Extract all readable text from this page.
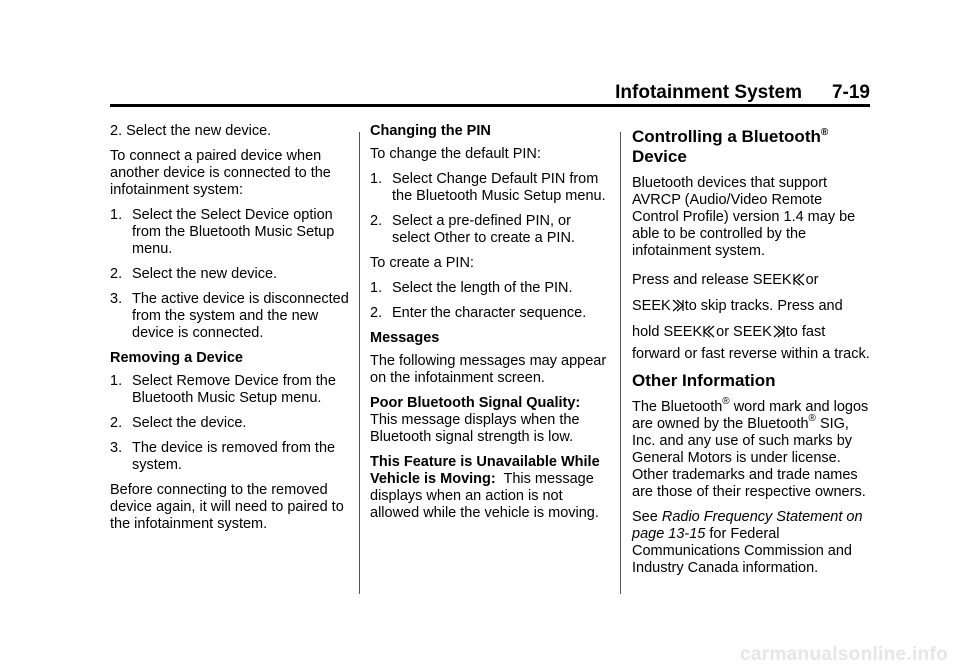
Infotainment System 7-19

2. Select the new device.

To connect a paired device when another device is connected to the infotainment system:

1. Select the Select Device option from the Bluetooth Music Setup menu.
2. Select the new device.
3. The active device is disconnected from the system and the new device is connected.

Removing a Device

1. Select Remove Device from the Bluetooth Music Setup menu.
2. Select the device.
3. The device is removed from the system.

Before connecting to the removed device again, it will need to paired to the infotainment system.

Changing the PIN

To change the default PIN:

1. Select Change Default PIN from the Bluetooth Music Setup menu.
2. Select a pre-defined PIN, or select Other to create a PIN.

To create a PIN:

1. Select the length of the PIN.
2. Enter the character sequence.

Messages

The following messages may appear on the infotainment screen.

Poor Bluetooth Signal Quality: This message displays when the Bluetooth signal strength is low.

This Feature is Unavailable While Vehicle is Moving: This message displays when an action is not allowed while the vehicle is moving.

Controlling a Bluetooth®
Device

Bluetooth devices that support AVRCP (Audio/Video Remote Control Profile) version 1.4 may be able to be controlled by the infotainment system.

Press and release SEEK or
SEEK to skip tracks. Press and
hold SEEK or SEEK to fast

forward or fast reverse within a track.

Other Information

The Bluetooth® word mark and logos are owned by the Bluetooth® SIG, Inc. and any use of such marks by General Motors is under license. Other trademarks and trade names are those of their respective owners.

See Radio Frequency Statement on page 13-15 for Federal Communications Commission and Industry Canada information.

carmanualsonline.info
